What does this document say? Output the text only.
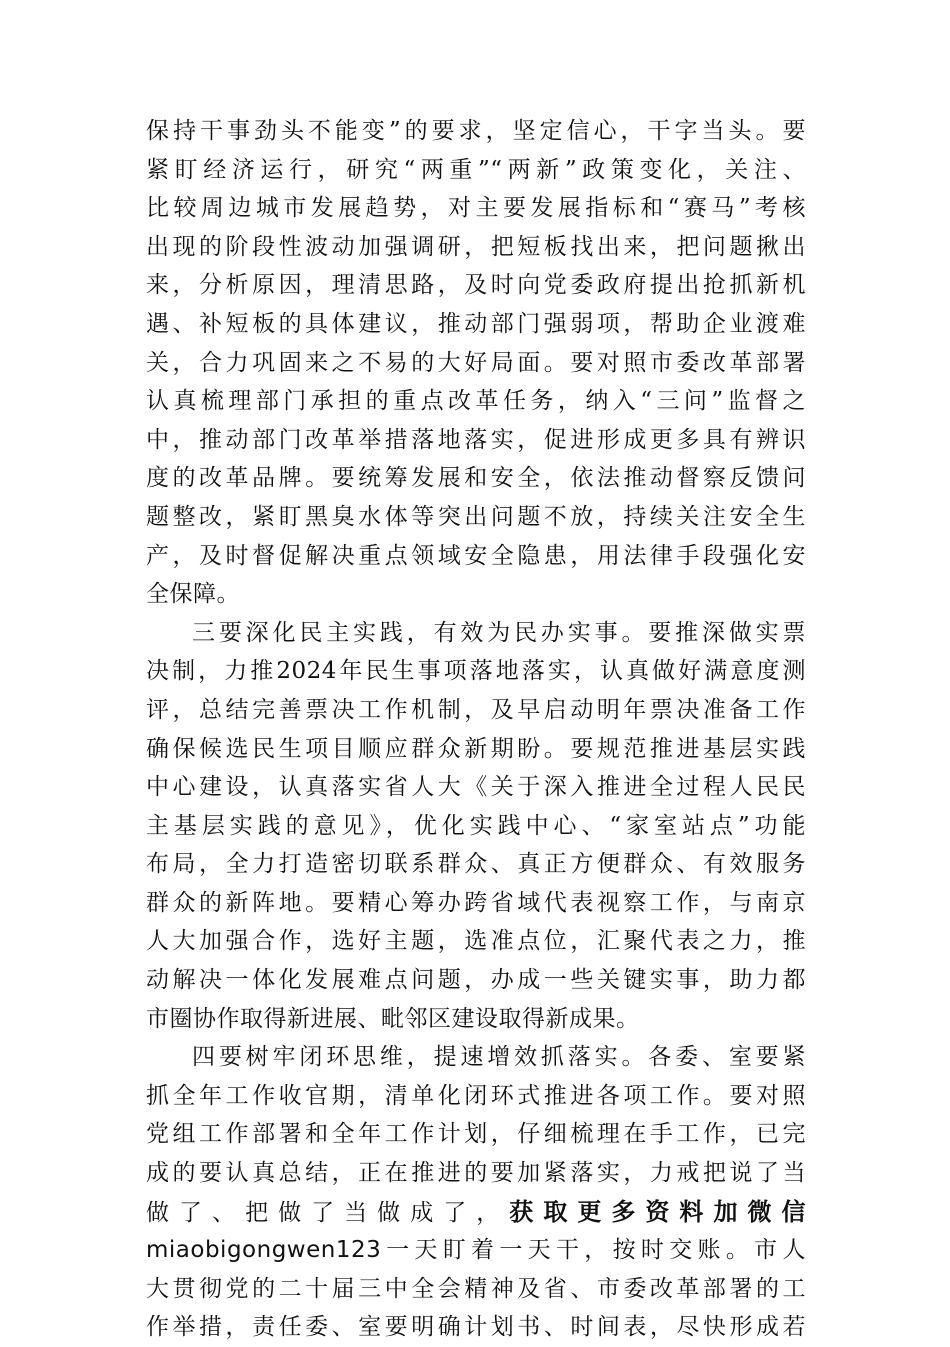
保持干事劲头不能变”的要求，坚定信心，干字当头。要
紧盯经济运行，研究“两重”“两新”政策变化，关注、
比较周边城市发展趋势，对主要发展指标和“赛马”考核
出现的阶段性波动加强调研，把短板找出来，把问题揪出
来，分析原因，理清思路，及时向党委政府提出抢抓新机
遇、补短板的具体建议，推动部门强弱项，帮助企业渡难
关，合力巩固来之不易的大好局面。要对照市委改革部署
认真梳理部门承担的重点改革任务，纳入“三问”监督之
中，推动部门改革举措落地落实，促进形成更多具有辨识
度的改革品牌。要统筹发展和安全，依法推动督察反馈问
题整改，紧盯黑臭水体等突出问题不放，持续关注安全生
产，及时督促解决重点领域安全隐患，用法律手段强化安
全保障。
三要深化民主实践，有效为民办实事。要推深做实票
决制，力推2024年民生事项落地落实，认真做好满意度测
评，总结完善票决工作机制，及早启动明年票决准备工作
确保候选民生项目顺应群众新期盼。要规范推进基层实践
中心建设，认真落实省人大《关于深入推进全过程人民民
主基层实践的意见》，优化实践中心、“家室站点”功能
布局，全力打造密切联系群众、真正方便群众、有效服务
群众的新阵地。要精心筹办跨省域代表视察工作，与南京
人大加强合作，选好主题，选准点位，汇聚代表之力，推
动解决一体化发展难点问题，办成一些关键实事，助力都
市圈协作取得新进展、毗邻区建设取得新成果。
四要树牢闭环思维，提速增效抓落实。各委、室要紧
抓全年工作收官期，清单化闭环式推进各项工作。要对照
党组工作部署和全年工作计划，仔细梳理在手工作，已完
成的要认真总结，正在推进的要加紧落实，力戒把说了当
做了、把做了当做成了，获取更多资料加微信
miaobigongwen123一天盯着一天干，按时交账。市人
大贯彻党的二十届三中全会精神及省、市委改革部署的工
作举措，责任委、室要明确计划书、时间表，尽快形成若
